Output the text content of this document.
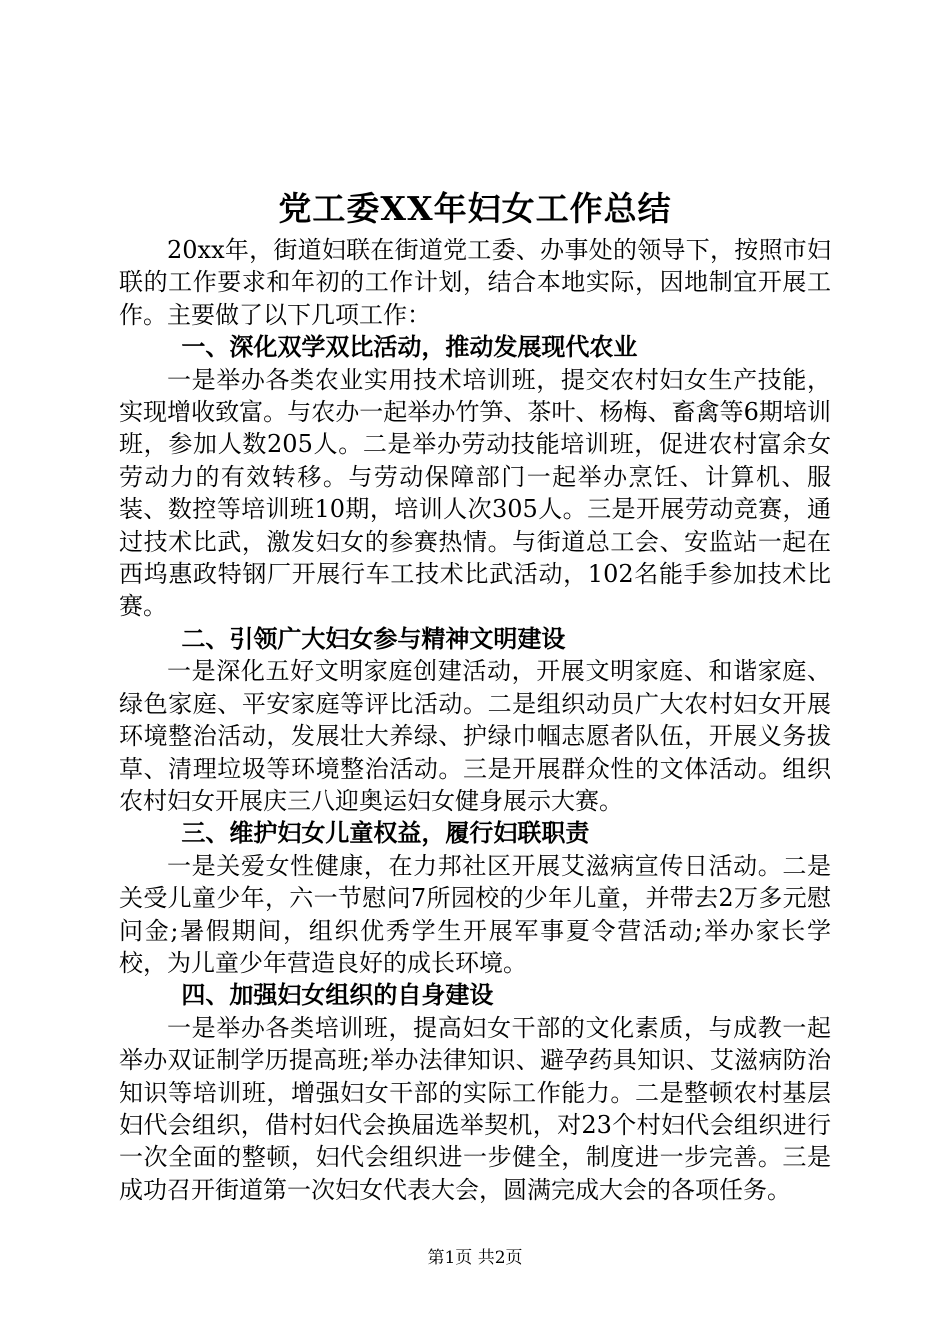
党工委XX年妇女工作总结

20xx年，街道妇联在街道党工委、办事处的领导下，按照市妇联的工作要求和年初的工作计划，结合本地实际，因地制宜开展工作。主要做了以下几项工作：

一、深化双学双比活动，推动发展现代农业

一是举办各类农业实用技术培训班，提交农村妇女生产技能，实现增收致富。与农办一起举办竹笋、茶叶、杨梅、畜禽等6期培训班，参加人数205人。二是举办劳动技能培训班，促进农村富余女劳动力的有效转移。与劳动保障部门一起举办烹饪、计算机、服装、数控等培训班10期，培训人次305人。三是开展劳动竞赛，通过技术比武，激发妇女的参赛热情。与街道总工会、安监站一起在西坞惠政特钢厂开展行车工技术比武活动，102名能手参加技术比赛。

二、引领广大妇女参与精神文明建设

一是深化五好文明家庭创建活动，开展文明家庭、和谐家庭、绿色家庭、平安家庭等评比活动。二是组织动员广大农村妇女开展环境整治活动，发展壮大养绿、护绿巾帼志愿者队伍，开展义务拔草、清理垃圾等环境整治活动。三是开展群众性的文体活动。组织农村妇女开展庆三八迎奥运妇女健身展示大赛。

三、维护妇女儿童权益，履行妇联职责

一是关爱女性健康，在力邦社区开展艾滋病宣传日活动。二是关受儿童少年，六一节慰问7所园校的少年儿童，并带去2万多元慰问金;暑假期间，组织优秀学生开展军事夏令营活动;举办家长学校，为儿童少年营造良好的成长环境。

四、加强妇女组织的自身建设

一是举办各类培训班，提高妇女干部的文化素质，与成教一起举办双证制学历提高班;举办法律知识、避孕药具知识、艾滋病防治知识等培训班，增强妇女干部的实际工作能力。二是整顿农村基层妇代会组织，借村妇代会换届选举契机，对23个村妇代会组织进行一次全面的整顿，妇代会组织进一步健全，制度进一步完善。三是成功召开街道第一次妇女代表大会，圆满完成大会的各项任务。

第1页 共2页
